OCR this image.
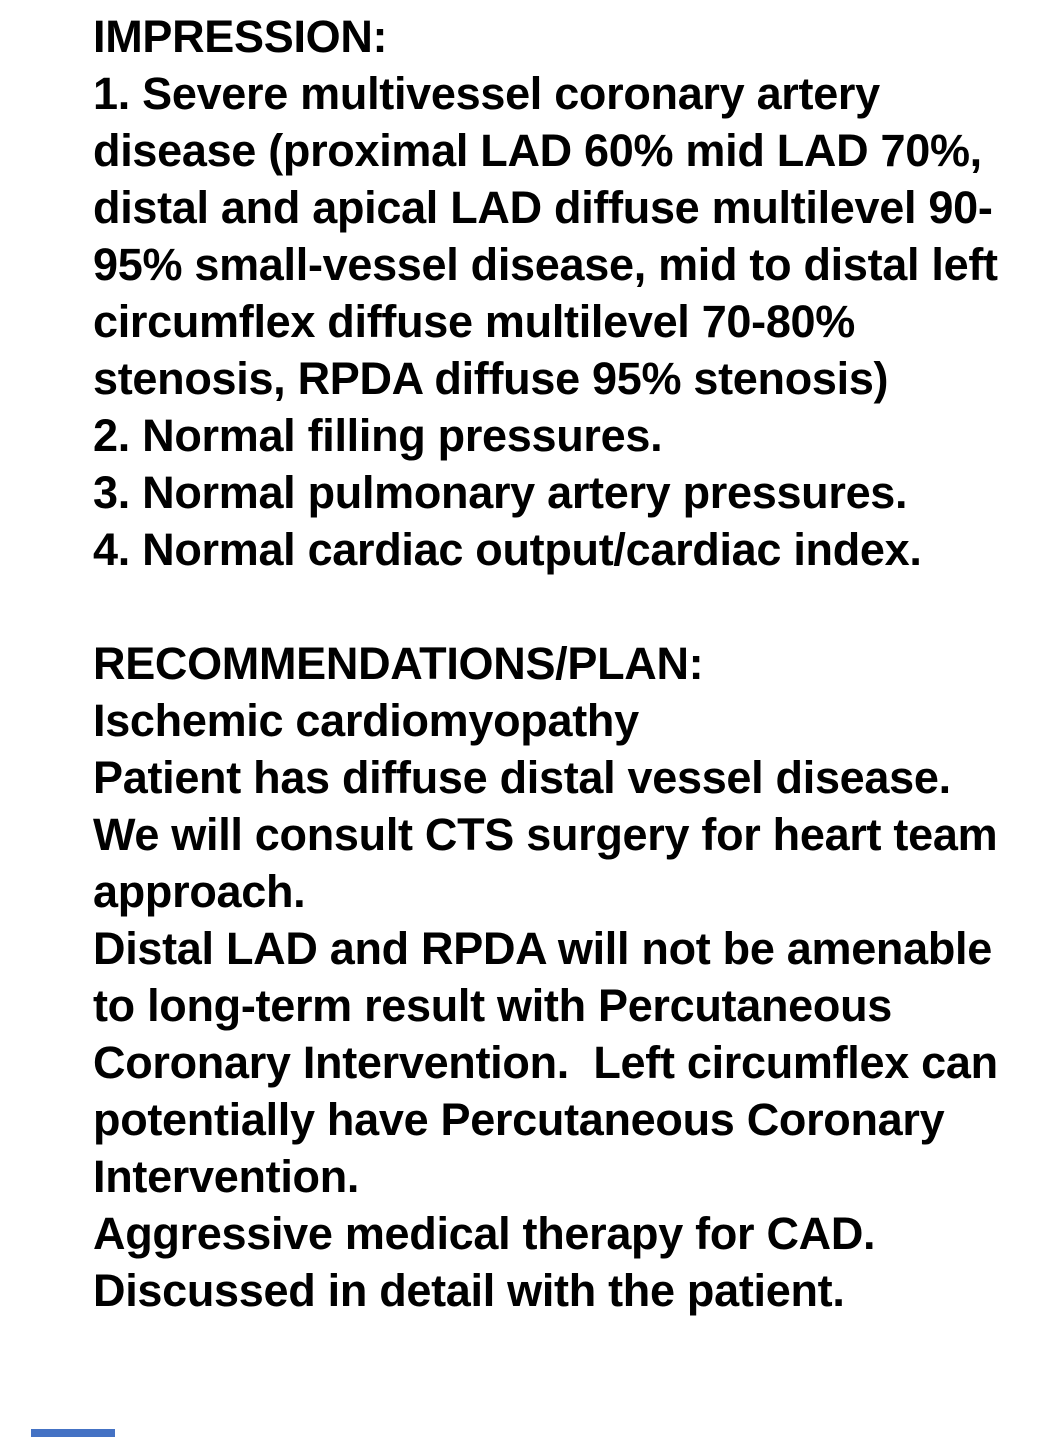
IMPRESSION:
1. Severe multivessel coronary artery
disease (proximal LAD 60% mid LAD 70%,
distal and apical LAD diffuse multilevel 90-
95% small-vessel disease, mid to distal left
circumflex diffuse multilevel 70-80%
stenosis, RPDA diffuse 95% stenosis)
2. Normal filling pressures.
3. Normal pulmonary artery pressures.
4. Normal cardiac output/cardiac index.

RECOMMENDATIONS/PLAN:
Ischemic cardiomyopathy
Patient has diffuse distal vessel disease.
We will consult CTS surgery for heart team
approach.
Distal LAD and RPDA will not be amenable
to long-term result with Percutaneous
Coronary Intervention.  Left circumflex can
potentially have Percutaneous Coronary
Intervention.
Aggressive medical therapy for CAD.
Discussed in detail with the patient.
